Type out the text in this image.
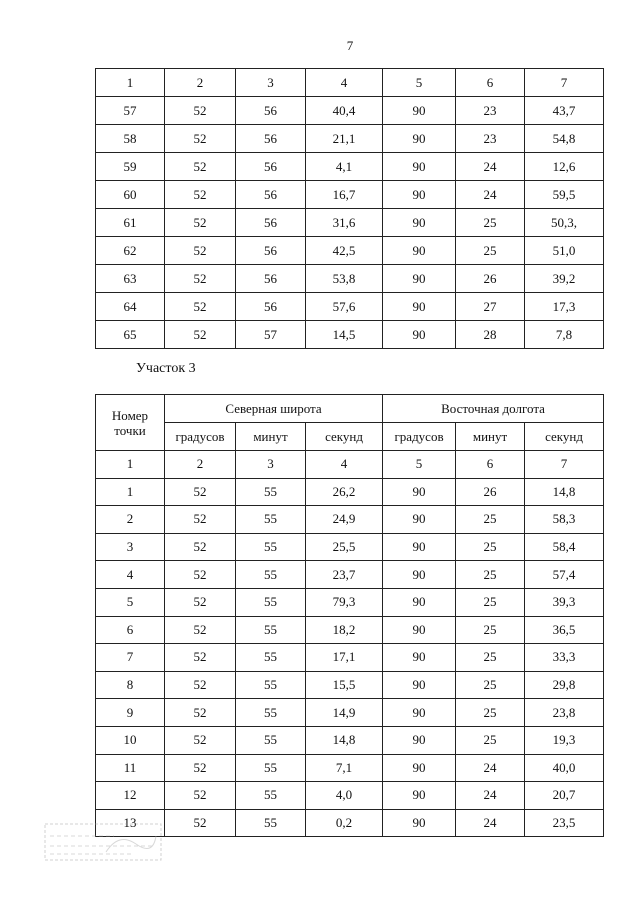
7
1	2	3	4	5	6	7
57	52	56	40,4	90	23	43,7
58	52	56	21,1	90	23	54,8
59	52	56	4,1	90	24	12,6
60	52	56	16,7	90	24	59,5
61	52	56	31,6	90	25	50,3,
62	52	56	42,5	90	25	51,0
63	52	56	53,8	90	26	39,2
64	52	56	57,6	90	27	17,3
65	52	57	14,5	90	28	7,8
Участок 3
Номер
точки	Северная широта			Восточная долгота		
	градусов	минут	секунд	градусов	минут	секунд
1	2	3	4	5	6	7
1	52	55	26,2	90	26	14,8
2	52	55	24,9	90	25	58,3
3	52	55	25,5	90	25	58,4
4	52	55	23,7	90	25	57,4
5	52	55	79,3	90	25	39,3
6	52	55	18,2	90	25	36,5
7	52	55	17,1	90	25	33,3
8	52	55	15,5	90	25	29,8
9	52	55	14,9	90	25	23,8
10	52	55	14,8	90	25	19,3
11	52	55	7,1	90	24	40,0
12	52	55	4,0	90	24	20,7
13	52	55	0,2	90	24	23,5
